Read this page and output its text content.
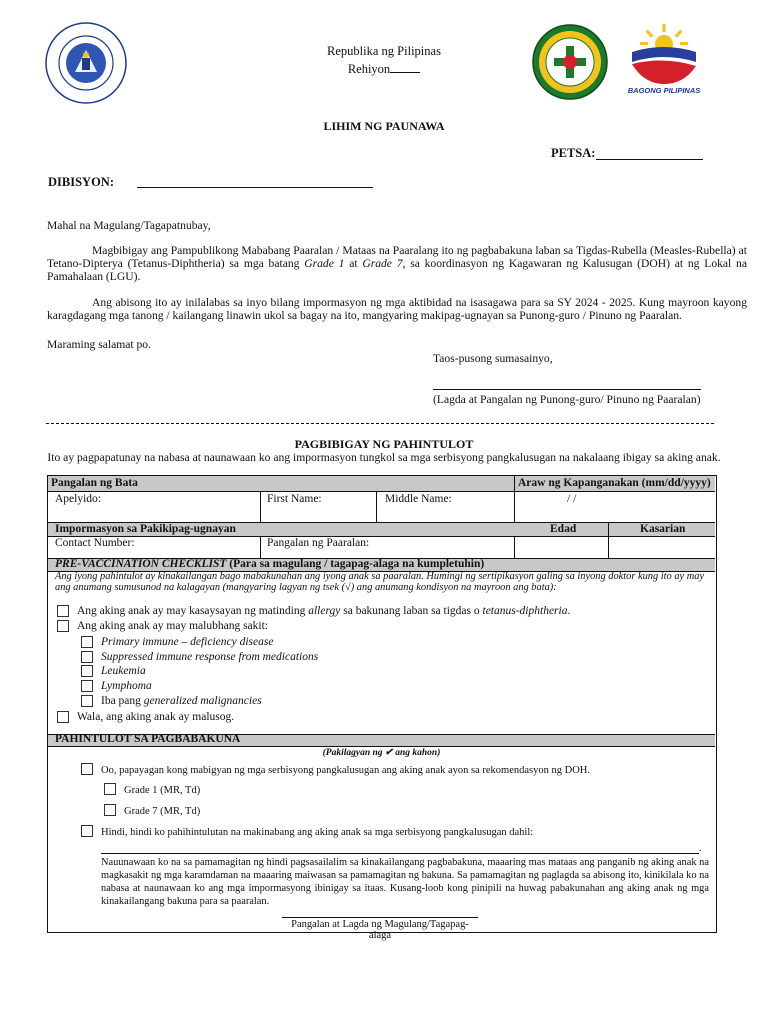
BAGONG PILIPINAS
Republika ng Pilipinas
Rehiyon
LIHIM NG PAUNAWA
PETSA:
DIBISYON:
Mahal na Magulang/Tagapatnubay,
Magbibigay ang Pampublikong Mababang Paaralan / Mataas na Paaralang ito ng pagbabakuna laban sa Tigdas-Rubella (Measles-Rubella) at Tetano-Dipterya (Tetanus-Diphtheria) sa mga batang Grade 1 at Grade 7, sa koordinasyon ng Kagawaran ng Kalusugan (DOH) at ng Lokal na Pamahalaan (LGU).
Ang abisong ito ay inilalabas sa inyo bilang impormasyon ng mga aktibidad na isasagawa para sa SY 2024 - 2025. Kung mayroon kayong karagdagang mga tanong / kailangang linawin ukol sa bagay na ito, mangyaring makipag-ugnayan sa Punong-guro / Pinuno ng Paaralan.
Maraming salamat po.
Taos-pusong sumasainyo,
(Lagda at Pangalan ng Punong-guro/ Pinuno ng Paaralan)
PAGBIBIGAY NG PAHINTULOT
Ito ay pagpapatunay na nabasa at naunawaan ko ang impormasyon tungkol sa mga serbisyong pangkalusugan na nakalaang ibigay sa aking anak.
Pangalan ng Bata	Araw ng Kapanganakan (mm/dd/yyyy)
Apelyido:	First Name:	Middle Name:	/ /
Impormasyon sa Pakikipag-ugnayan	Edad	Kasarian
Contact Number:	Pangalan ng Paaralan:
PRE-VACCINATION CHECKLIST (Para sa magulang / tagapag-alaga na kumpletuhin)
Ang iyong pahintulot ay kinakailangan bago mabakunahan ang iyong anak sa paaralan. Humingi ng sertipikasyon galing sa inyong doktor kung ito ay may ang anumang sumusunod na kalagayan (mangyaring lagyan ng tsek (√) ang anumang kondisyon na mayroon ang bata):
Ang aking anak ay may kasaysayan ng matinding allergy sa bakunang laban sa tigdas o tetanus-diphtheria.
Ang aking anak ay may malubhang sakit:
Primary immune – deficiency disease
Suppressed immune response from medications
Leukemia
Lymphoma
Iba pang generalized malignancies
Wala, ang aking anak ay malusog.
PAHINTULOT SA PAGBABAKUNA
(Pakilagyan ng ✔ ang kahon)
Oo, papayagan kong mabigyan ng mga serbisyong pangkalusugan ang aking anak ayon sa rekomendasyon ng DOH.
Grade 1 (MR, Td)
Grade 7 (MR, Td)
Hindi, hindi ko pahihintulutan na makinabang ang aking anak sa mga serbisyong pangkalusugan dahil:
.
Nauunawaan ko na sa pamamagitan ng hindi pagsasailalim sa kinakailangang pagbabakuna, maaaring mas mataas ang panganib ng aking anak na magkasakit ng mga karamdaman na maaaring maiwasan sa pamamagitan ng bakuna. Sa pamamagitan ng paglagda sa abisong ito, kinikilala ko na nabasa at naunawaan ko ang mga impormasyong ibinigay sa itaas. Kusang-loob kong pinipili na huwag pabakunahan ang aking anak ng mga kinakailangang bakuna para sa paaralan.
Pangalan at Lagda ng Magulang/Tagapag-alaga
